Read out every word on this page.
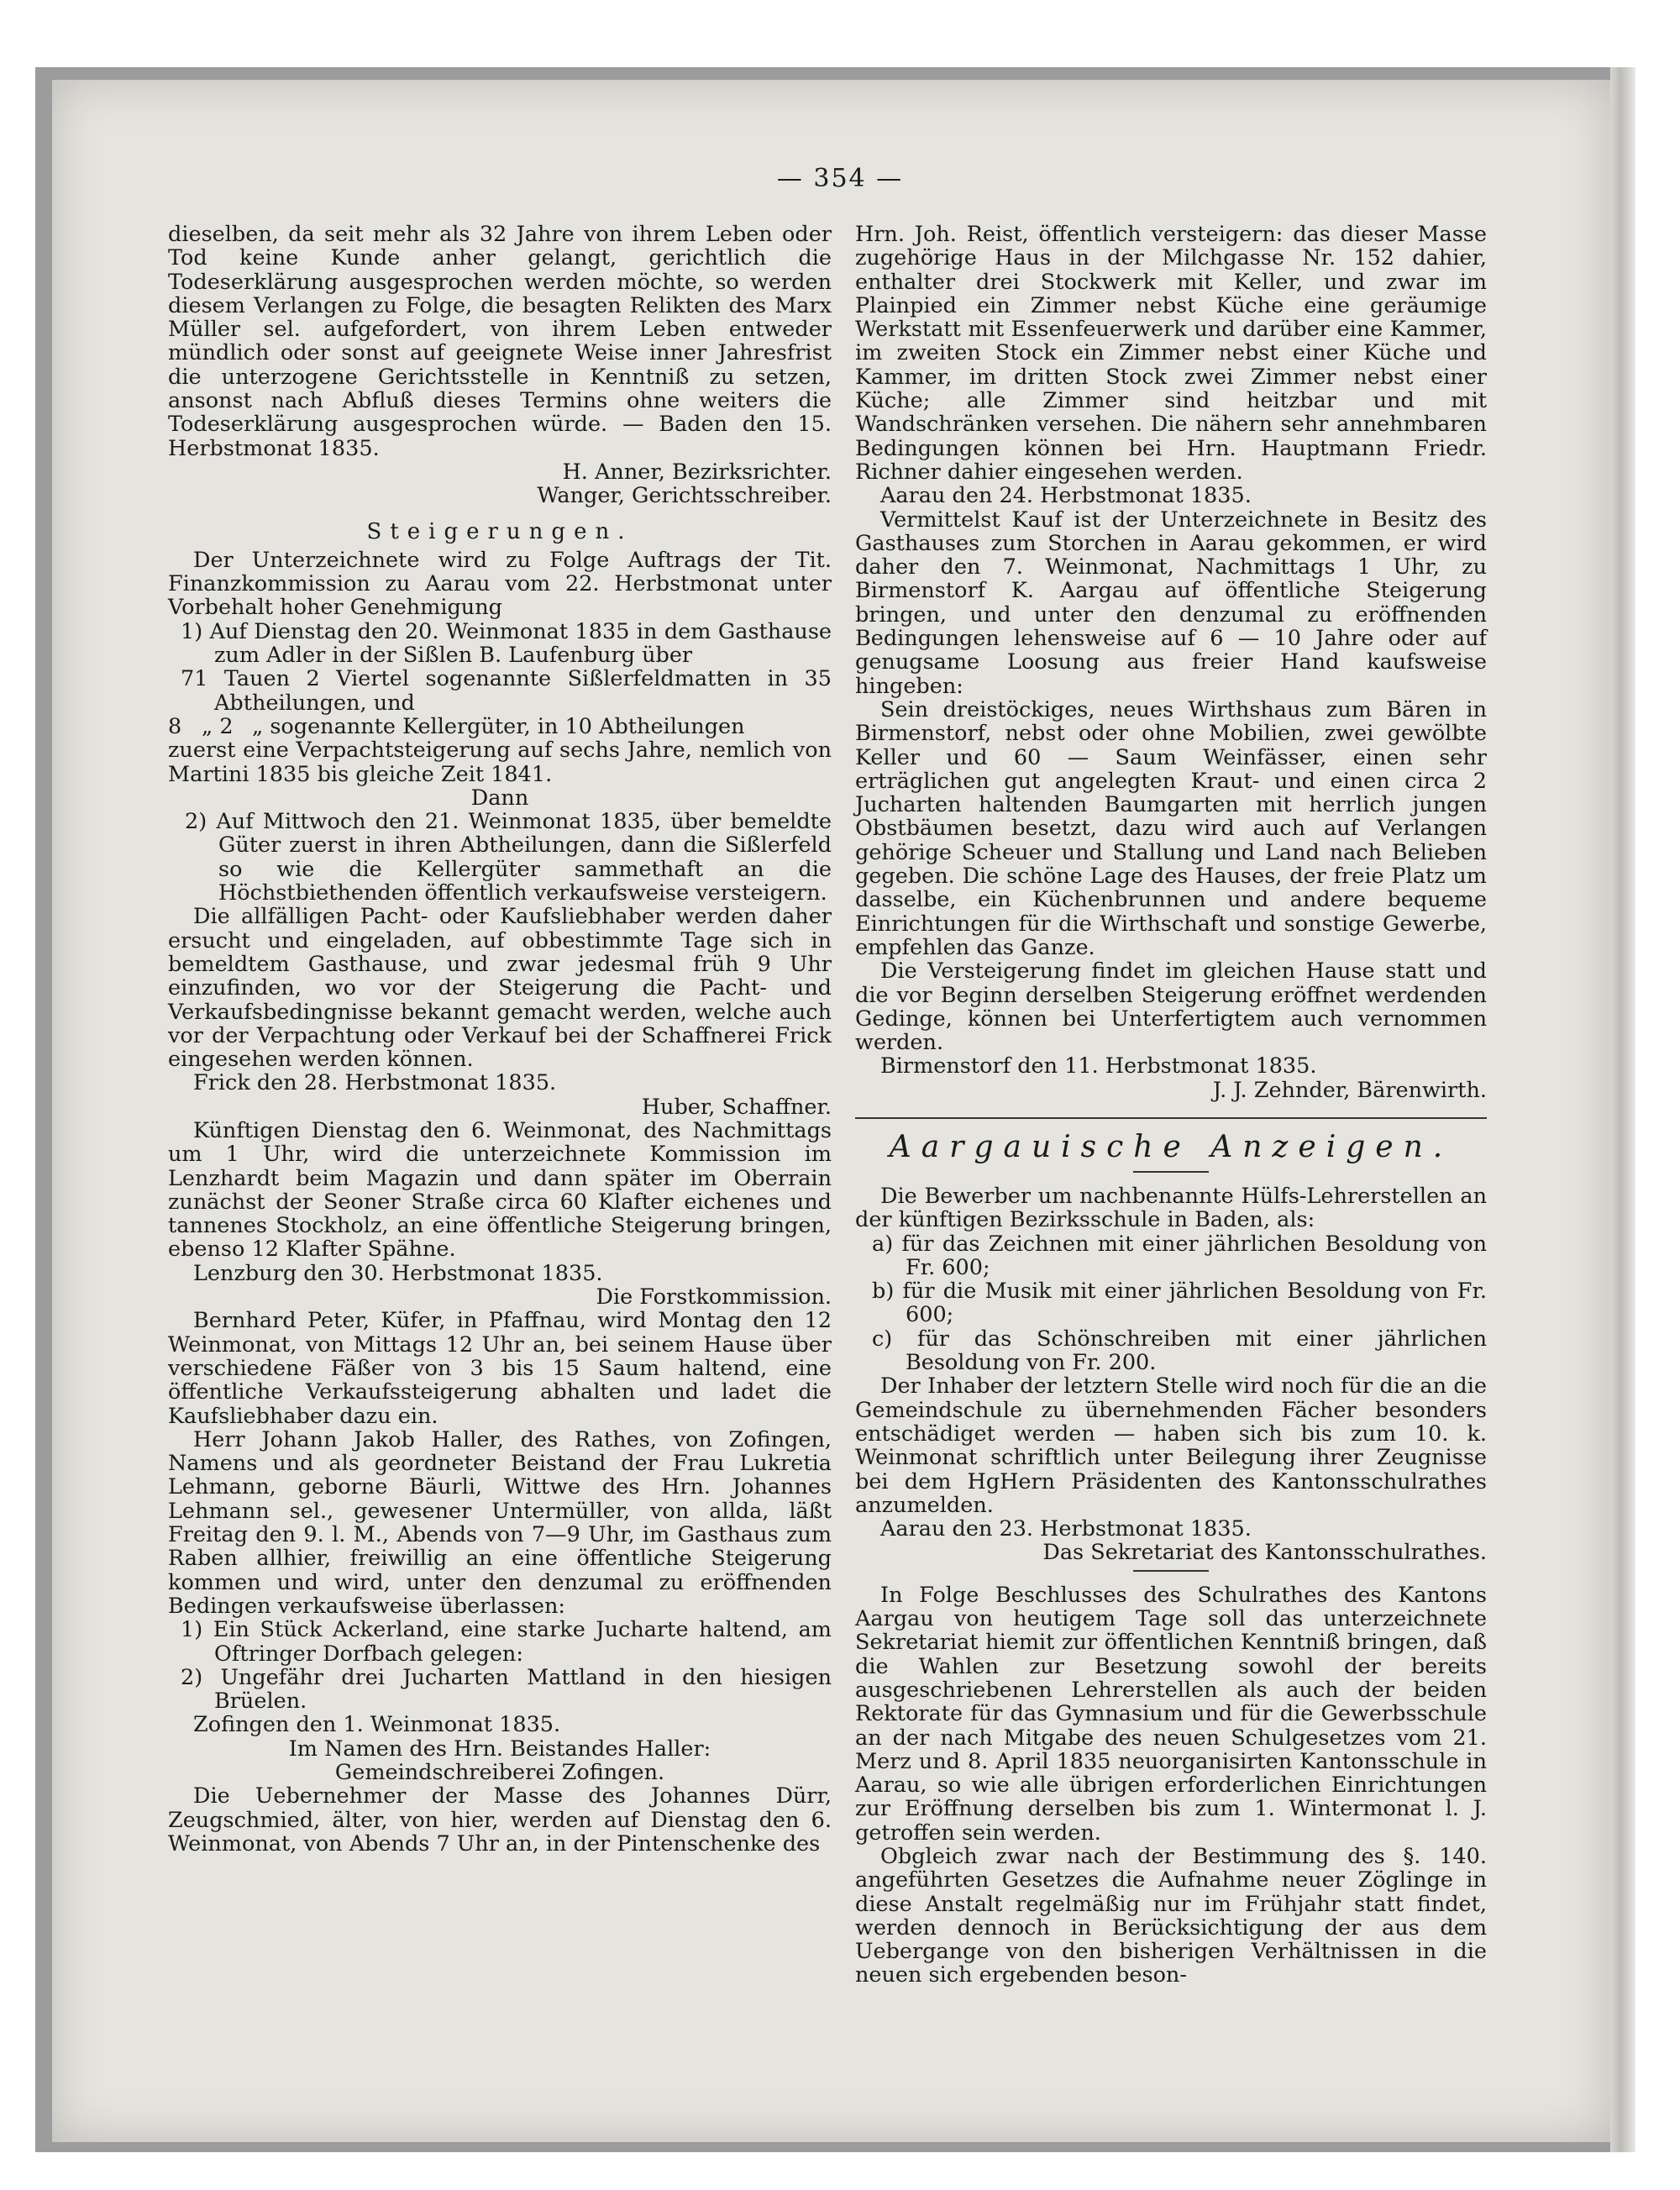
— 354 —

dieselben, da seit mehr als 32 Jahre von ihrem Leben oder Tod keine Kunde anher gelangt, gerichtlich die Todeserklärung ausgesprochen werden möchte, so werden diesem Verlangen zu Folge, die besagten Relikten des Marx Müller sel. aufgefordert, von ihrem Leben entweder mündlich oder sonst auf geeignete Weise inner Jahresfrist die unterzogene Gerichtsstelle in Kenntniß zu setzen, ansonst nach Abfluß dieses Termins ohne weiters die Todeserklärung ausgesprochen würde. — Baden den 15. Herbstmonat 1835.

H. Anner, Bezirksrichter.

Wanger, Gerichtsschreiber.

Steigerungen.

Der Unterzeichnete wird zu Folge Auftrags der Tit. Finanzkommission zu Aarau vom 22. Herbstmonat unter Vorbehalt hoher Genehmigung

1) Auf Dienstag den 20. Weinmonat 1835 in dem Gasthause zum Adler in der Sißlen B. Laufenburg über

71 Tauen 2 Viertel sogenannte Sißlerfeldmatten in 35 Abtheilungen, und

8 „ 2 „ sogenannte Kellergüter, in 10 Abtheilungen

zuerst eine Verpachtsteigerung auf sechs Jahre, nemlich von Martini 1835 bis gleiche Zeit 1841.

Dann

2) Auf Mittwoch den 21. Weinmonat 1835, über bemeldte Güter zuerst in ihren Abtheilungen, dann die Sißlerfeld so wie die Kellergüter sammethaft an die Höchstbiethenden öffentlich verkaufsweise versteigern.

Die allfälligen Pacht- oder Kaufsliebhaber werden daher ersucht und eingeladen, auf obbestimmte Tage sich in bemeldtem Gasthause, und zwar jedesmal früh 9 Uhr einzufinden, wo vor der Steigerung die Pacht- und Verkaufsbedingnisse bekannt gemacht werden, welche auch vor der Verpachtung oder Verkauf bei der Schaffnerei Frick eingesehen werden können.

Frick den 28. Herbstmonat 1835.

Huber, Schaffner.

Künftigen Dienstag den 6. Weinmonat, des Nachmittags um 1 Uhr, wird die unterzeichnete Kommission im Lenzhardt beim Magazin und dann später im Oberrain zunächst der Seoner Straße circa 60 Klafter eichenes und tannenes Stockholz, an eine öffentliche Steigerung bringen, ebenso 12 Klafter Spähne.

Lenzburg den 30. Herbstmonat 1835.

Die Forstkommission.

Bernhard Peter, Küfer, in Pfaffnau, wird Montag den 12 Weinmonat, von Mittags 12 Uhr an, bei seinem Hause über verschiedene Fäßer von 3 bis 15 Saum haltend, eine öffentliche Verkaufssteigerung abhalten und ladet die Kaufsliebhaber dazu ein.

Herr Johann Jakob Haller, des Rathes, von Zofingen, Namens und als geordneter Beistand der Frau Lukretia Lehmann, geborne Bäurli, Wittwe des Hrn. Johannes Lehmann sel., gewesener Untermüller, von allda, läßt Freitag den 9. l. M., Abends von 7—9 Uhr, im Gasthaus zum Raben allhier, freiwillig an eine öffentliche Steigerung kommen und wird, unter den denzumal zu eröffnenden Bedingen verkaufsweise überlassen:

1) Ein Stück Ackerland, eine starke Jucharte haltend, am Oftringer Dorfbach gelegen:

2) Ungefähr drei Jucharten Mattland in den hiesigen Brüelen.

Zofingen den 1. Weinmonat 1835.

Im Namen des Hrn. Beistandes Haller:

Gemeindschreiberei Zofingen.

Die Uebernehmer der Masse des Johannes Dürr, Zeugschmied, älter, von hier, werden auf Dienstag den 6. Weinmonat, von Abends 7 Uhr an, in der Pintenschenke des

Hrn. Joh. Reist, öffentlich versteigern: das dieser Masse zugehörige Haus in der Milchgasse Nr. 152 dahier, enthalter drei Stockwerk mit Keller, und zwar im Plainpied ein Zimmer nebst Küche eine geräumige Werkstatt mit Essenfeuerwerk und darüber eine Kammer, im zweiten Stock ein Zimmer nebst einer Küche und Kammer, im dritten Stock zwei Zimmer nebst einer Küche; alle Zimmer sind heitzbar und mit Wandschränken versehen. Die nähern sehr annehmbaren Bedingungen können bei Hrn. Hauptmann Friedr. Richner dahier eingesehen werden.

Aarau den 24. Herbstmonat 1835.

Vermittelst Kauf ist der Unterzeichnete in Besitz des Gasthauses zum Storchen in Aarau gekommen, er wird daher den 7. Weinmonat, Nachmittags 1 Uhr, zu Birmenstorf K. Aargau auf öffentliche Steigerung bringen, und unter den denzumal zu eröffnenden Bedingungen lehensweise auf 6 — 10 Jahre oder auf genugsame Loosung aus freier Hand kaufsweise hingeben:

Sein dreistöckiges, neues Wirthshaus zum Bären in Birmenstorf, nebst oder ohne Mobilien, zwei gewölbte Keller und 60 — Saum Weinfässer, einen sehr erträglichen gut angelegten Kraut- und einen circa 2 Jucharten haltenden Baumgarten mit herrlich jungen Obstbäumen besetzt, dazu wird auch auf Verlangen gehörige Scheuer und Stallung und Land nach Belieben gegeben. Die schöne Lage des Hauses, der freie Platz um dasselbe, ein Küchenbrunnen und andere bequeme Einrichtungen für die Wirthschaft und sonstige Gewerbe, empfehlen das Ganze.

Die Versteigerung findet im gleichen Hause statt und die vor Beginn derselben Steigerung eröffnet werdenden Gedinge, können bei Unterfertigtem auch vernommen werden.

Birmenstorf den 11. Herbstmonat 1835.

J. J. Zehnder, Bärenwirth.

Aargauische Anzeigen.

Die Bewerber um nachbenannte Hülfs-Lehrerstellen an der künftigen Bezirksschule in Baden, als:

a) für das Zeichnen mit einer jährlichen Besoldung von Fr. 600;

b) für die Musik mit einer jährlichen Besoldung von Fr. 600;

c) für das Schönschreiben mit einer jährlichen Besoldung von Fr. 200.

Der Inhaber der letztern Stelle wird noch für die an die Gemeindschule zu übernehmenden Fächer besonders entschädiget werden — haben sich bis zum 10. k. Weinmonat schriftlich unter Beilegung ihrer Zeugnisse bei dem HgHern Präsidenten des Kantonsschulrathes anzumelden.

Aarau den 23. Herbstmonat 1835.

Das Sekretariat des Kantonsschulrathes.

In Folge Beschlusses des Schulrathes des Kantons Aargau von heutigem Tage soll das unterzeichnete Sekretariat hiemit zur öffentlichen Kenntniß bringen, daß die Wahlen zur Besetzung sowohl der bereits ausgeschriebenen Lehrerstellen als auch der beiden Rektorate für das Gymnasium und für die Gewerbsschule an der nach Mitgabe des neuen Schulgesetzes vom 21. Merz und 8. April 1835 neuorganisirten Kantonsschule in Aarau, so wie alle übrigen erforderlichen Einrichtungen zur Eröffnung derselben bis zum 1. Wintermonat l. J. getroffen sein werden.

Obgleich zwar nach der Bestimmung des §. 140. angeführten Gesetzes die Aufnahme neuer Zöglinge in diese Anstalt regelmäßig nur im Frühjahr statt findet, werden dennoch in Berücksichtigung der aus dem Uebergange von den bisherigen Verhältnissen in die neuen sich ergebenden beson-
